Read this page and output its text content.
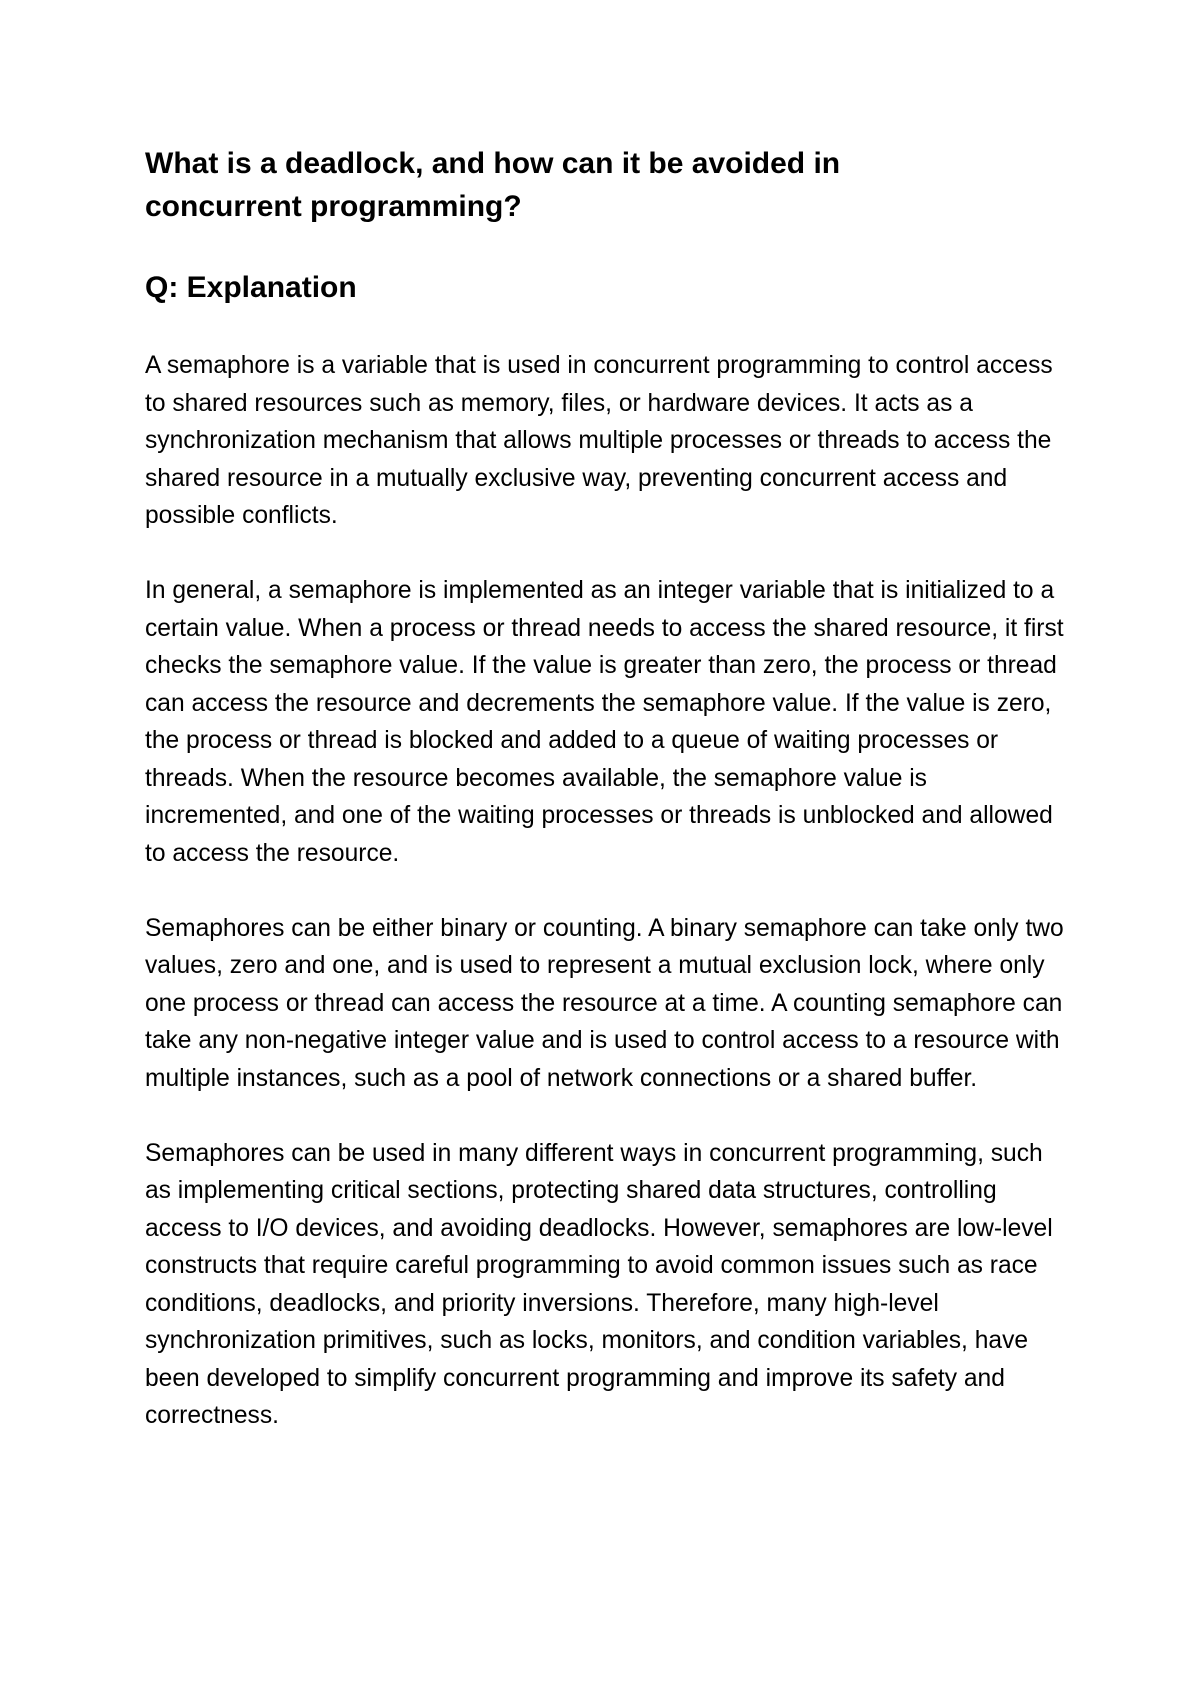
What is a deadlock, and how can it be avoided in concurrent programming?
Q: Explanation

A semaphore is a variable that is used in concurrent programming to control access to shared resources such as memory, files, or hardware devices. It acts as a synchronization mechanism that allows multiple processes or threads to access the shared resource in a mutually exclusive way, preventing concurrent access and possible conflicts.

In general, a semaphore is implemented as an integer variable that is initialized to a certain value. When a process or thread needs to access the shared resource, it first checks the semaphore value. If the value is greater than zero, the process or thread can access the resource and decrements the semaphore value. If the value is zero, the process or thread is blocked and added to a queue of waiting processes or threads. When the resource becomes available, the semaphore value is incremented, and one of the waiting processes or threads is unblocked and allowed to access the resource.

Semaphores can be either binary or counting. A binary semaphore can take only two values, zero and one, and is used to represent a mutual exclusion lock, where only one process or thread can access the resource at a time. A counting semaphore can take any non-negative integer value and is used to control access to a resource with multiple instances, such as a pool of network connections or a shared buffer.

Semaphores can be used in many different ways in concurrent programming, such as implementing critical sections, protecting shared data structures, controlling access to I/O devices, and avoiding deadlocks. However, semaphores are low-level constructs that require careful programming to avoid common issues such as race conditions, deadlocks, and priority inversions. Therefore, many high-level synchronization primitives, such as locks, monitors, and condition variables, have been developed to simplify concurrent programming and improve its safety and correctness.
